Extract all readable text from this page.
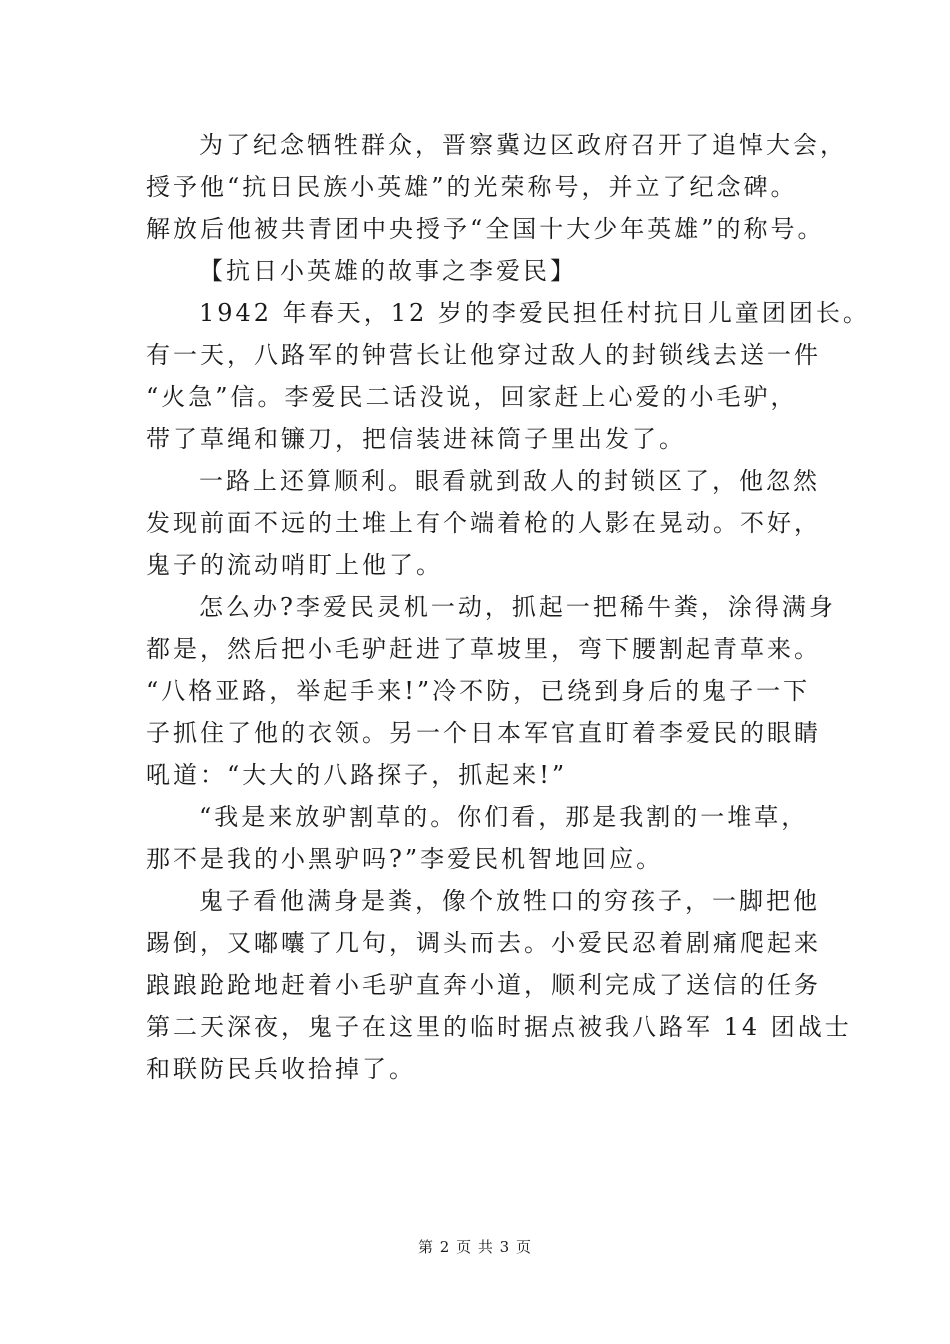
为了纪念牺牲群众，晋察冀边区政府召开了追悼大会，
授予他“抗日民族小英雄”的光荣称号，并立了纪念碑。
解放后他被共青团中央授予“全国十大少年英雄”的称号。
【抗日小英雄的故事之李爱民】
1942 年春天，12 岁的李爱民担任村抗日儿童团团长。
有一天，八路军的钟营长让他穿过敌人的封锁线去送一件
“火急”信。李爱民二话没说，回家赶上心爱的小毛驴，
带了草绳和镰刀，把信装进袜筒子里出发了。
一路上还算顺利。眼看就到敌人的封锁区了，他忽然
发现前面不远的土堆上有个端着枪的人影在晃动。不好，
鬼子的流动哨盯上他了。
怎么办?李爱民灵机一动，抓起一把稀牛粪，涂得满身
都是，然后把小毛驴赶进了草坡里，弯下腰割起青草来。
“八格亚路，举起手来!”冷不防，已绕到身后的鬼子一下
子抓住了他的衣领。另一个日本军官直盯着李爱民的眼睛
吼道：“大大的八路探子，抓起来!”
“我是来放驴割草的。你们看，那是我割的一堆草，
那不是我的小黑驴吗?”李爱民机智地回应。
鬼子看他满身是粪，像个放牲口的穷孩子，一脚把他
踢倒，又嘟囔了几句，调头而去。小爱民忍着剧痛爬起来
踉踉跄跄地赶着小毛驴直奔小道，顺利完成了送信的任务
第二天深夜，鬼子在这里的临时据点被我八路军 14 团战士
和联防民兵收拾掉了。
第 2 页 共 3 页
